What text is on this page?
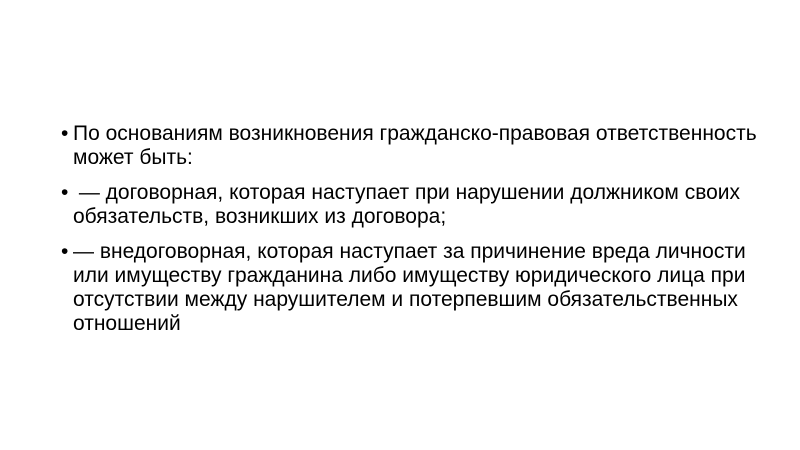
• По основаниям возникновения гражданско-правовая ответственность может быть:
• — договорная, которая наступает при нарушении должником своих обязательств, возникших из договора;
• — внедоговорная, которая наступает за причинение вреда личности или имуществу гражданина либо имуществу юридического лица при отсутствии между нарушителем и потерпевшим обязательственных отношений
